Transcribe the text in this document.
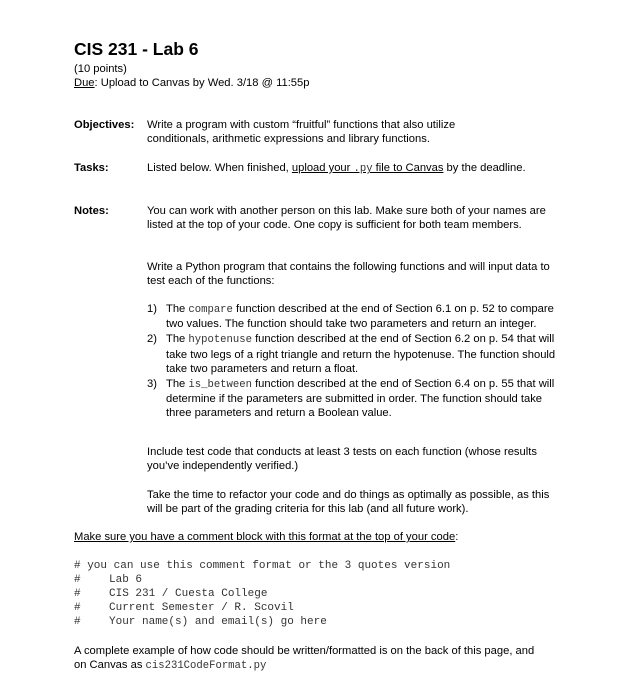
CIS 231 - Lab 6
(10 points)
Due: Upload to Canvas by Wed. 3/18 @ 11:55p
Objectives: Write a program with custom “fruitful” functions that also utilize
conditionals, arithmetic expressions and library functions.
Tasks:	Listed below. When finished, upload your .py file to Canvas by the deadline.
Notes:	You can work with another person on this lab. Make sure both of your names are listed at the top of your code. One copy is sufficient for both team members.

Write a Python program that contains the following functions and will input data to test each of the functions:

1) The compare function described at the end of Section 6.1 on p. 52 to compare two values. The function should take two parameters and return an integer.
2) The hypotenuse function described at the end of Section 6.2 on p. 54 that will take two legs of a right triangle and return the hypotenuse. The function should take two parameters and return a float.
3) The is_between function described at the end of Section 6.4 on p. 55 that will determine if the parameters are submitted in order. The function should take three parameters and return a Boolean value.

Include test code that conducts at least 3 tests on each function (whose results you’ve independently verified.)

Take the time to refactor your code and do things as optimally as possible, as this will be part of the grading criteria for this lab (and all future work).

Make sure you have a comment block with this format at the top of your code:
# you can use this comment format or the 3 quotes version
#	Lab 6
#	CIS 231 / Cuesta College
#	Current Semester / R. Scovil
#	Your name(s) and email(s) go here

A complete example of how code should be written/formatted is on the back of this page, and on Canvas as cis231CodeFormat.py
